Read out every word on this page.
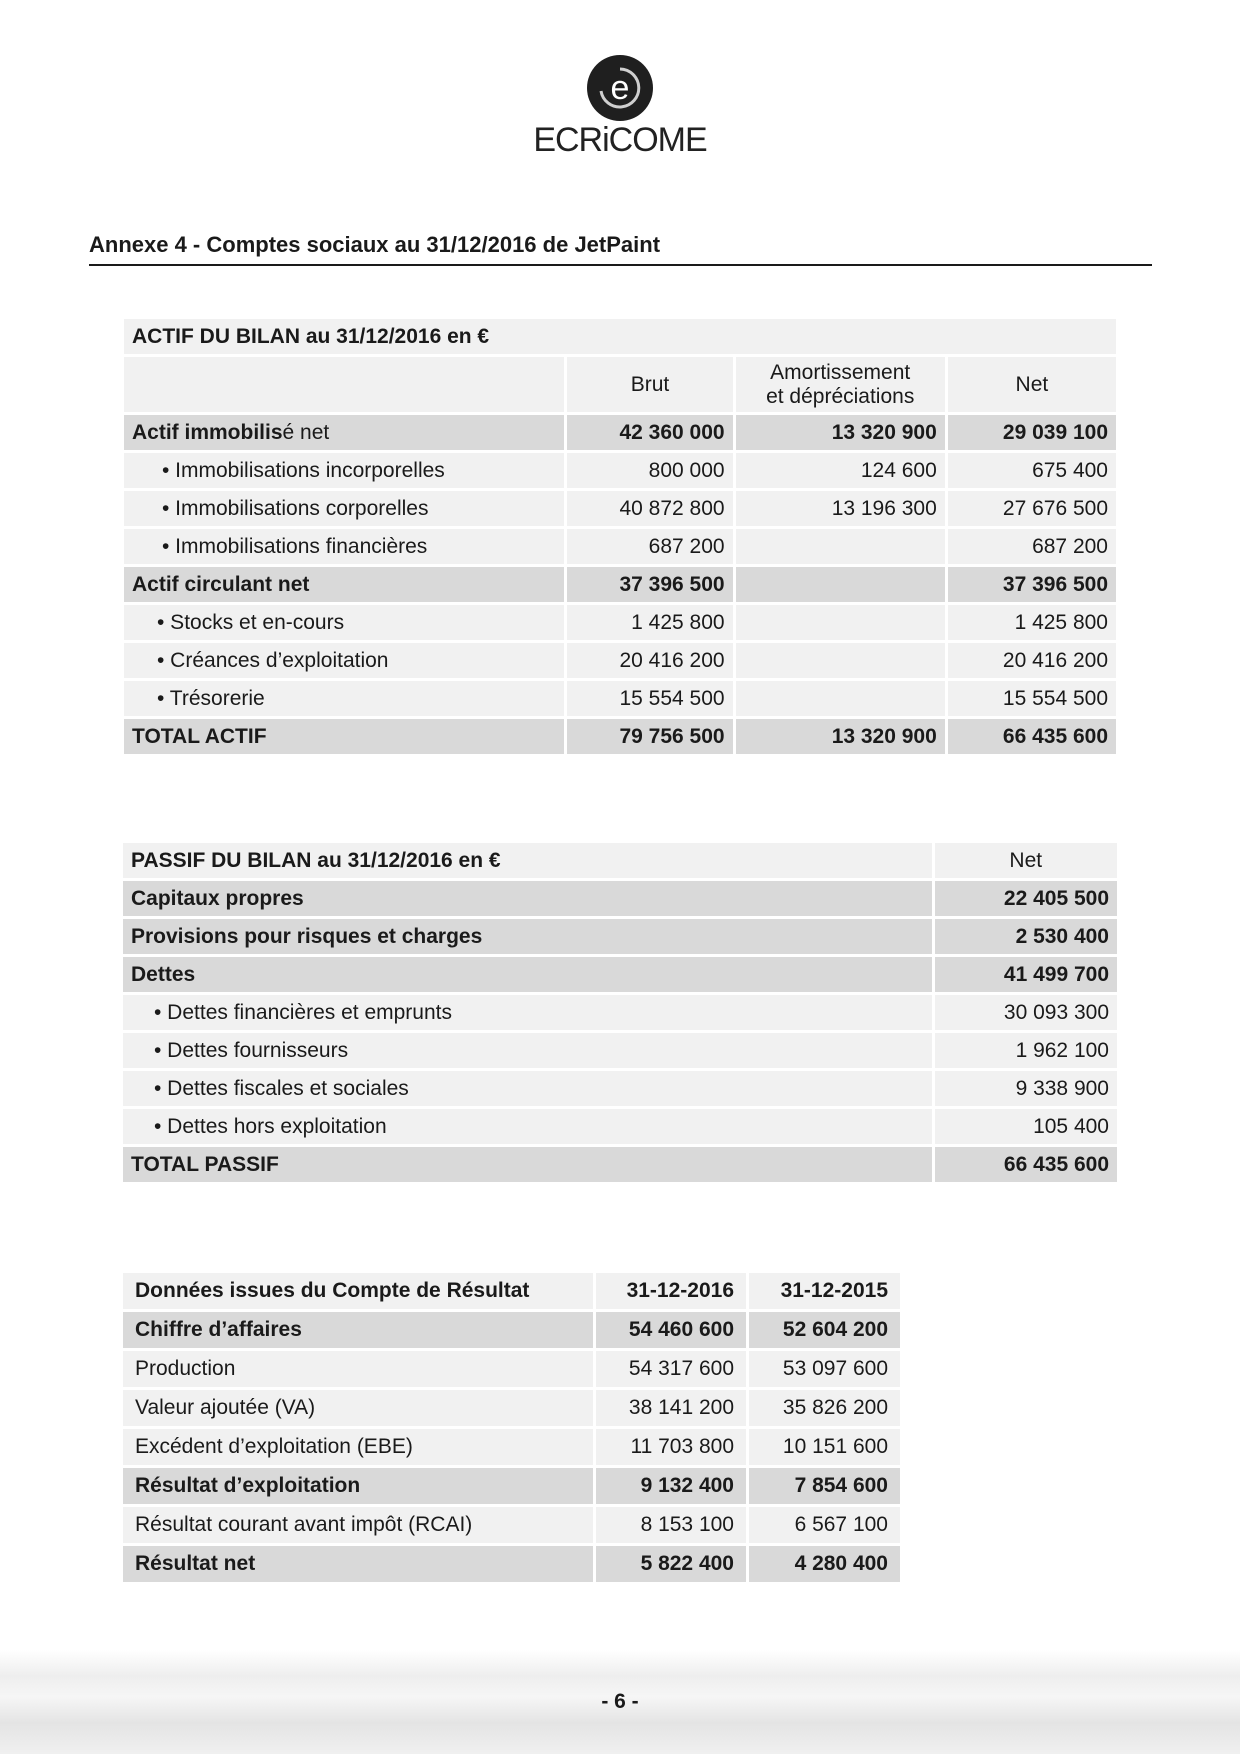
e
ECRiCOME
Annexe 4 - Comptes sociaux au 31/12/2016 de JetPaint
ACTIF DU BILAN au 31/12/2016 en €			
	Brut	Amortissement
et dépréciations	Net
Actif immobilisé net	42 360 000	13 320 900	29 039 100
• Immobilisations incorporelles	800 000	124 600	675 400
• Immobilisations corporelles	40 872 800	13 196 300	27 676 500
• Immobilisations financières	687 200		687 200
Actif circulant net	37 396 500		37 396 500
• Stocks et en-cours	1 425 800		1 425 800
• Créances d’exploitation	20 416 200		20 416 200
• Trésorerie	15 554 500		15 554 500
TOTAL ACTIF	79 756 500	13 320 900	66 435 600
PASSIF DU BILAN au 31/12/2016 en €	Net
Capitaux propres	22 405 500
Provisions pour risques et charges	2 530 400
Dettes	41 499 700
• Dettes financières et emprunts	30 093 300
• Dettes fournisseurs	1 962 100
• Dettes fiscales et sociales	9 338 900
• Dettes hors exploitation	105 400
TOTAL PASSIF	66 435 600
Données issues du Compte de Résultat	31-12-2016	31-12-2015
Chiffre d’affaires	54 460 600	52 604 200
Production	54 317 600	53 097 600
Valeur ajoutée (VA)	38 141 200	35 826 200
Excédent d’exploitation (EBE)	11 703 800	10 151 600
Résultat d’exploitation	9 132 400	7 854 600
Résultat courant avant impôt (RCAI)	8 153 100	6 567 100
Résultat net	5 822 400	4 280 400
- 6 -
